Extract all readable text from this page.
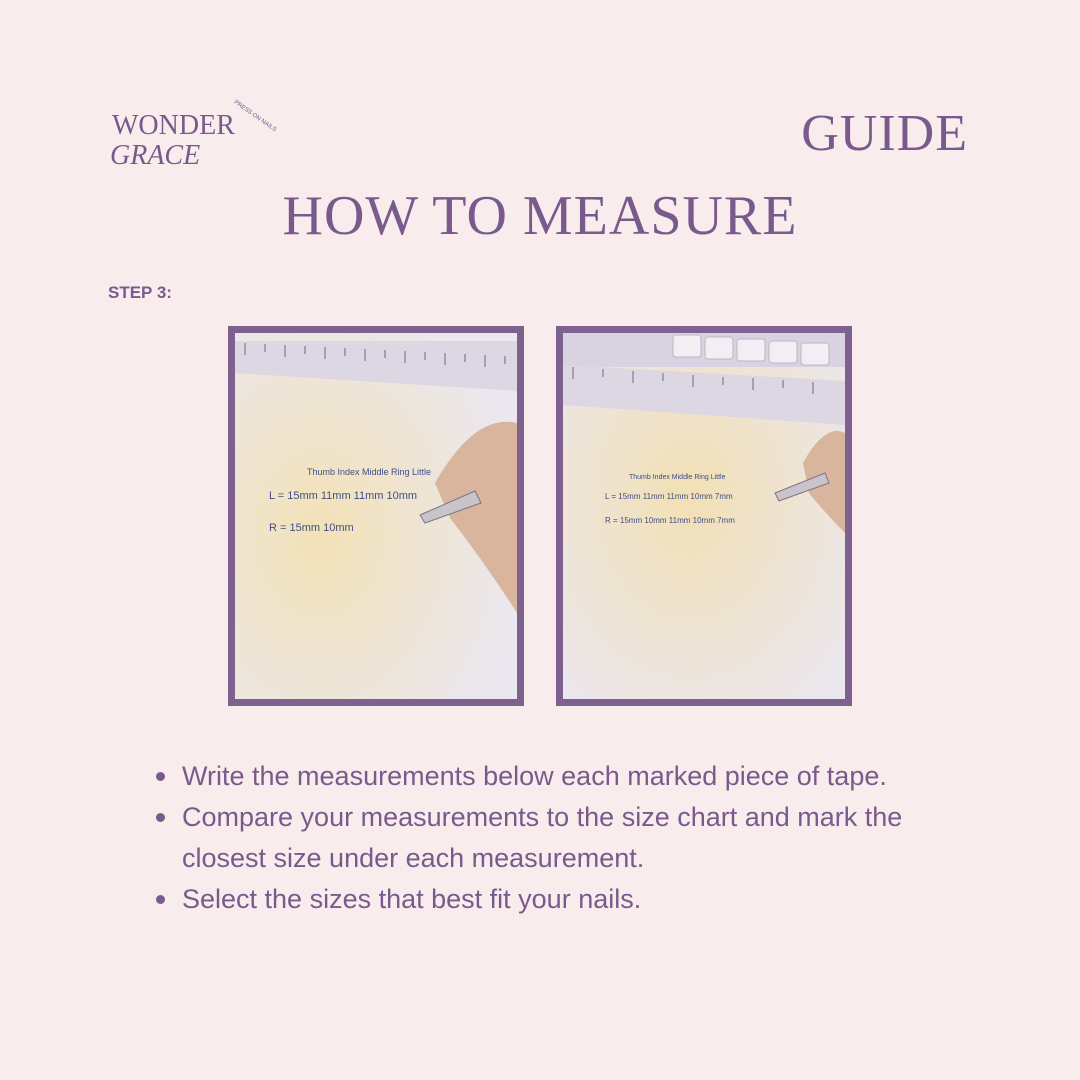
WONDER
GRACE
PRESS ON NAILS	GUIDE
HOW TO MEASURE
STEP 3:
Thumb Index Middle Ring Little
L = 15mm 11mm 11mm 10mm
R = 15mm 10mm
Thumb Index Middle Ring Little
L = 15mm 11mm 11mm 10mm 7mm
R = 15mm 10mm 11mm 10mm 7mm
Write the measurements below each marked piece of tape.
Compare your measurements to the size chart and mark the closest size under each measurement.
Select the sizes that best fit your nails.
